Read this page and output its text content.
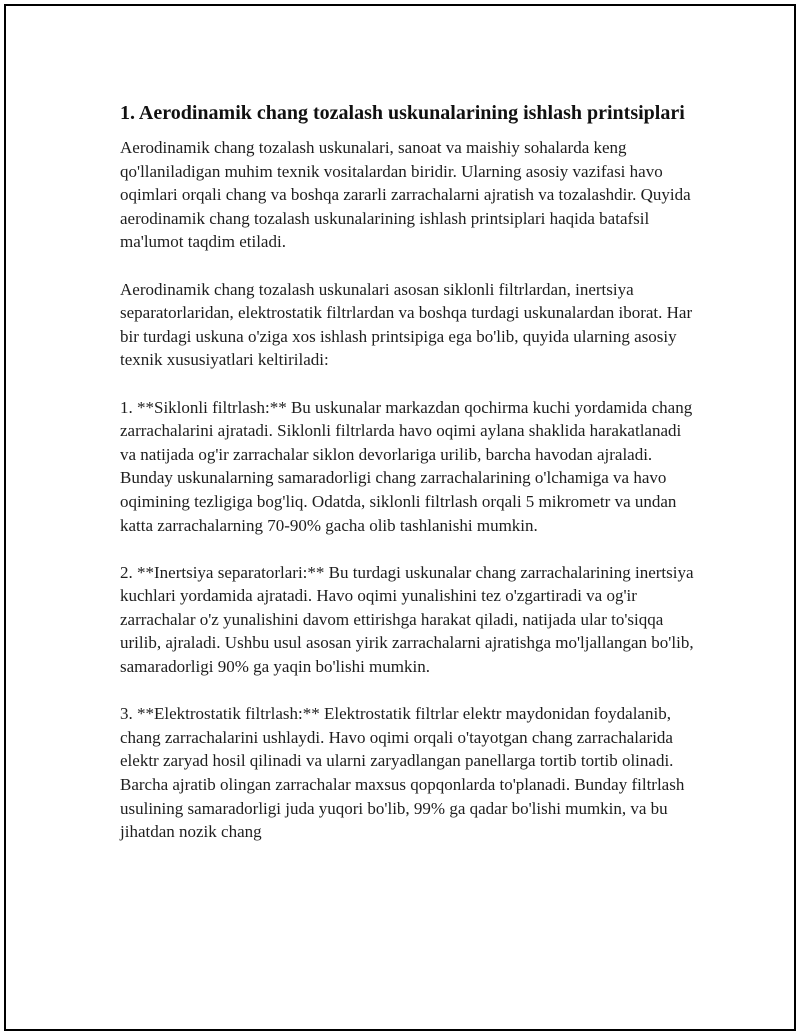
1. Aerodinamik chang tozalash uskunalarining ishlash printsiplari

Aerodinamik chang tozalash uskunalari, sanoat va maishiy sohalarda keng qo'llaniladigan muhim texnik vositalardan biridir. Ularning asosiy vazifasi havo oqimlari orqali chang va boshqa zararli zarrachalarni ajratish va tozalashdir. Quyida aerodinamik chang tozalash uskunalarining ishlash printsiplari haqida batafsil ma'lumot taqdim etiladi.

Aerodinamik chang tozalash uskunalari asosan siklonli filtrlardan, inertsiya separatorlaridan, elektrostatik filtrlardan va boshqa turdagi uskunalardan iborat. Har bir turdagi uskuna o'ziga xos ishlash printsipiga ega bo'lib, quyida ularning asosiy texnik xususiyatlari keltiriladi:

1. **Siklonli filtrlash:** Bu uskunalar markazdan qochirma kuchi yordamida chang zarrachalarini ajratadi. Siklonli filtrlarda havo oqimi aylana shaklida harakatlanadi va natijada og'ir zarrachalar siklon devorlariga urilib, barcha havodan ajraladi. Bunday uskunalarning samaradorligi chang zarrachalarining o'lchamiga va havo oqimining tezligiga bog'liq. Odatda, siklonli filtrlash orqali 5 mikrometr va undan katta zarrachalarning 70-90% gacha olib tashlanishi mumkin.

2. **Inertsiya separatorlari:** Bu turdagi uskunalar chang zarrachalarining inertsiya kuchlari yordamida ajratadi. Havo oqimi yunalishini tez o'zgartiradi va og'ir zarrachalar o'z yunalishini davom ettirishga harakat qiladi, natijada ular to'siqqa urilib, ajraladi. Ushbu usul asosan yirik zarrachalarni ajratishga mo'ljallangan bo'lib, samaradorligi 90% ga yaqin bo'lishi mumkin.

3. **Elektrostatik filtrlash:** Elektrostatik filtrlar elektr maydonidan foydalanib, chang zarrachalarini ushlaydi. Havo oqimi orqali o'tayotgan chang zarrachalarida elektr zaryad hosil qilinadi va ularni zaryadlangan panellarga tortib tortib olinadi. Barcha ajratib olingan zarrachalar maxsus qopqonlarda to'planadi. Bunday filtrlash usulining samaradorligi juda yuqori bo'lib, 99% ga qadar bo'lishi mumkin, va bu jihatdan nozik chang
